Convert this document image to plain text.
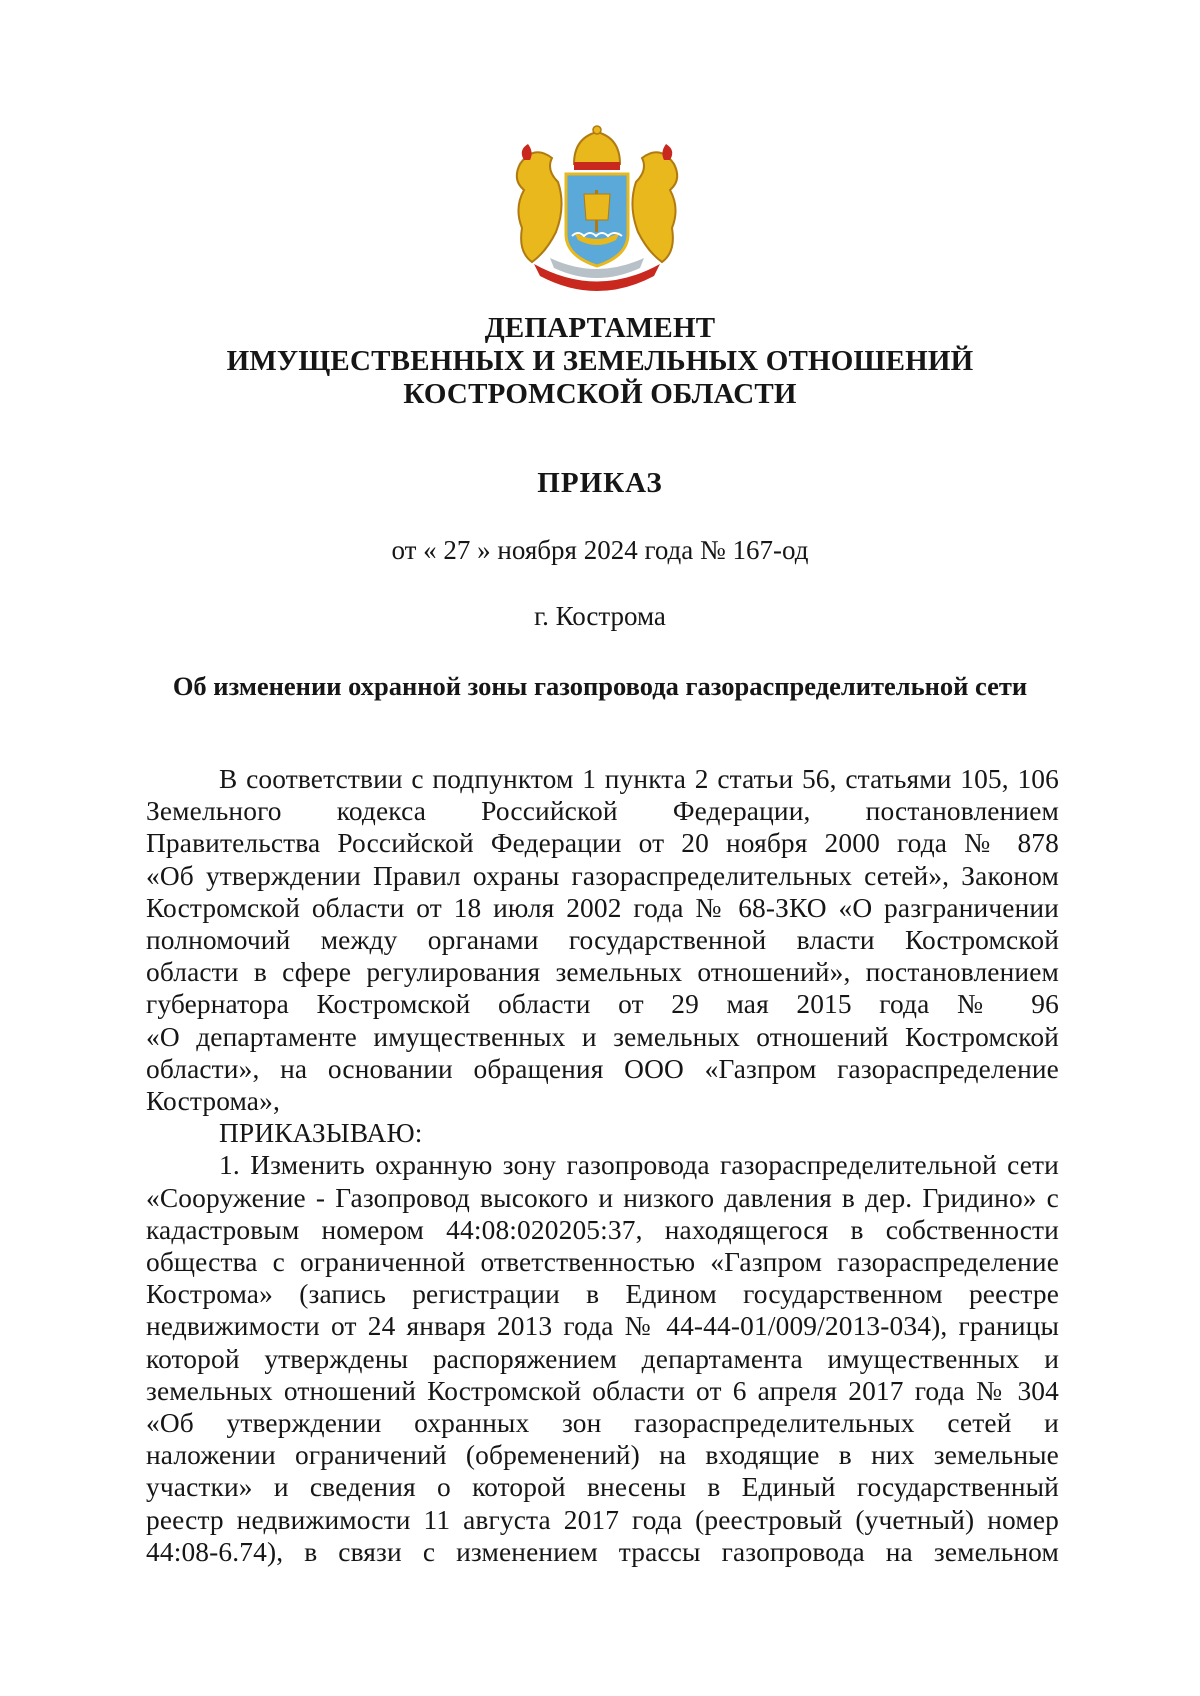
ДЕПАРТАМЕНТ
ИМУЩЕСТВЕННЫХ И ЗЕМЕЛЬНЫХ ОТНОШЕНИЙ
КОСТРОМСКОЙ ОБЛАСТИ
ПРИКАЗ
от « 27 » ноября 2024 года № 167-од
г. Кострома
Об изменении охранной зоны газопровода газораспределительной сети
В соответствии с подпунктом 1 пункта 2 статьи 56, статьями 105, 106
Земельного кодекса Российской Федерации, постановлением
Правительства Российской Федерации от 20 ноября 2000 года № 878
«Об утверждении Правил охраны газораспределительных сетей», Законом
Костромской области от 18 июля 2002 года № 68-ЗКО «О разграничении
полномочий между органами государственной власти Костромской
области в сфере регулирования земельных отношений», постановлением
губернатора Костромской области от 29 мая 2015 года № 96
«О департаменте имущественных и земельных отношений Костромской
области», на основании обращения ООО «Газпром газораспределение
Кострома»,
ПРИКАЗЫВАЮ:
1. Изменить охранную зону газопровода газораспределительной сети
«Сооружение - Газопровод высокого и низкого давления в дер. Гридино» с
кадастровым номером 44:08:020205:37, находящегося в собственности
общества с ограниченной ответственностью «Газпром газораспределение
Кострома» (запись регистрации в Едином государственном реестре
недвижимости от 24 января 2013 года № 44-44-01/009/2013-034), границы
которой утверждены распоряжением департамента имущественных и
земельных отношений Костромской области от 6 апреля 2017 года № 304
«Об утверждении охранных зон газораспределительных сетей и
наложении ограничений (обременений) на входящие в них земельные
участки» и сведения о которой внесены в Единый государственный
реестр недвижимости 11 августа 2017 года (реестровый (учетный) номер
44:08-6.74), в связи с изменением трассы газопровода на земельном
